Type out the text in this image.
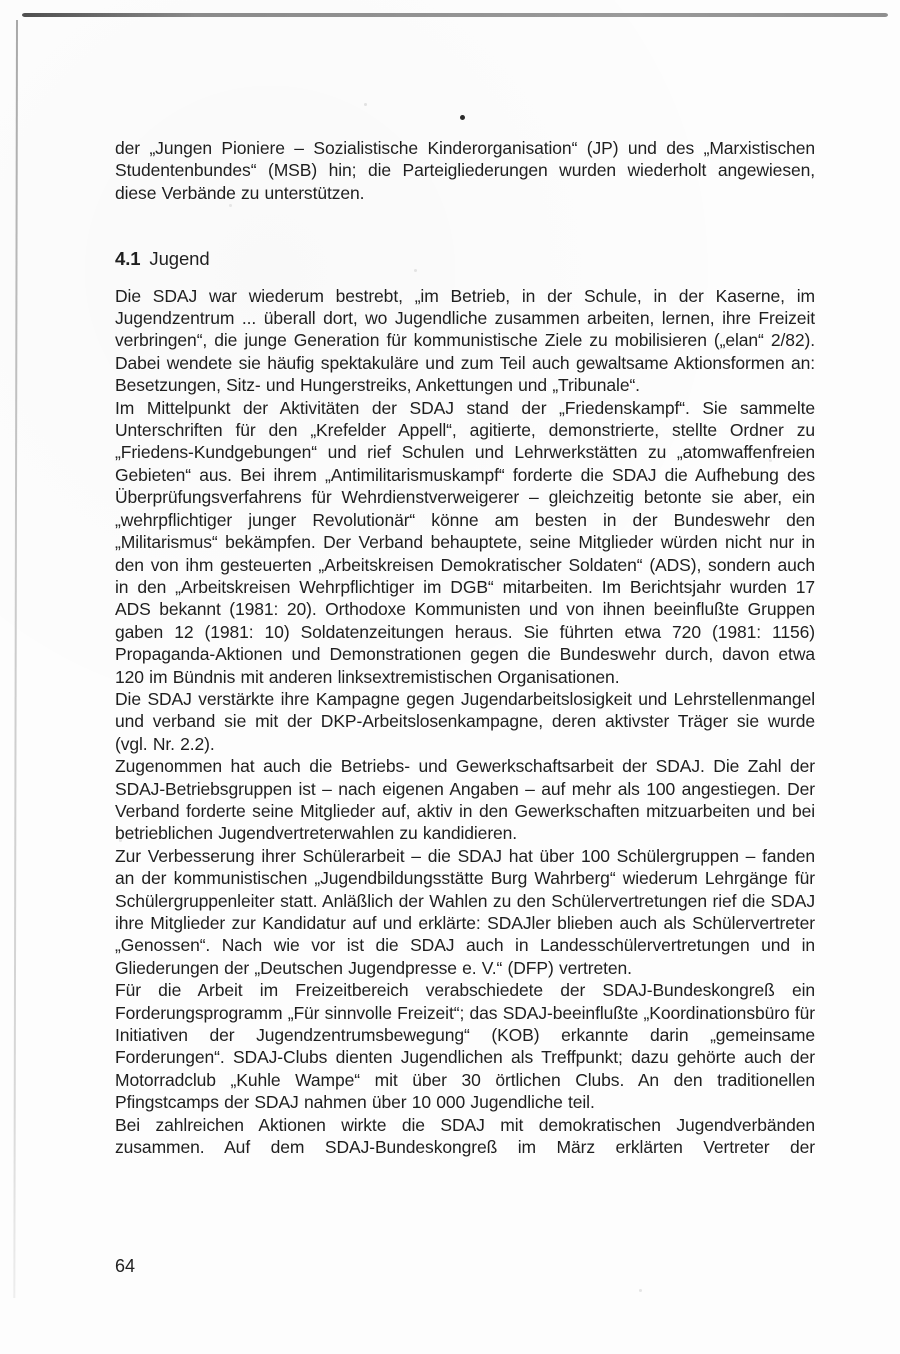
der „Jungen Pioniere – Sozialistische Kinderorganisation“ (JP) und des „Marxistischen Studentenbundes“ (MSB) hin; die Parteigliederungen wurden wiederholt angewiesen, diese Verbände zu unterstützen.

4.1 Jugend

Die SDAJ war wiederum bestrebt, „im Betrieb, in der Schule, in der Kaserne, im Jugendzentrum ... überall dort, wo Jugendliche zusammen arbeiten, lernen, ihre Freizeit verbringen“, die junge Generation für kommunistische Ziele zu mobilisieren („elan“ 2/82). Dabei wendete sie häufig spektakuläre und zum Teil auch gewaltsame Aktionsformen an: Besetzungen, Sitz- und Hungerstreiks, Ankettungen und „Tribunale“.

Im Mittelpunkt der Aktivitäten der SDAJ stand der „Friedenskampf“. Sie sammelte Unterschriften für den „Krefelder Appell“, agitierte, demonstrierte, stellte Ordner zu „Friedens-Kundgebungen“ und rief Schulen und Lehrwerkstätten zu „atomwaffenfreien Gebieten“ aus. Bei ihrem „Antimilitarismuskampf“ forderte die SDAJ die Aufhebung des Überprüfungsverfahrens für Wehrdienstverweigerer – gleichzeitig betonte sie aber, ein „wehrpflichtiger junger Revolutionär“ könne am besten in der Bundeswehr den „Militarismus“ bekämpfen. Der Verband behauptete, seine Mitglieder würden nicht nur in den von ihm gesteuerten „Arbeitskreisen Demokratischer Soldaten“ (ADS), sondern auch in den „Arbeitskreisen Wehrpflichtiger im DGB“ mitarbeiten. Im Berichtsjahr wurden 17 ADS bekannt (1981: 20). Orthodoxe Kommunisten und von ihnen beeinflußte Gruppen gaben 12 (1981: 10) Soldatenzeitungen heraus. Sie führten etwa 720 (1981: 1156) Propaganda-Aktionen und Demonstrationen gegen die Bundeswehr durch, davon etwa 120 im Bündnis mit anderen linksextremistischen Organisationen.

Die SDAJ verstärkte ihre Kampagne gegen Jugendarbeitslosigkeit und Lehrstellenmangel und verband sie mit der DKP-Arbeitslosenkampagne, deren aktivster Träger sie wurde (vgl. Nr. 2.2).

Zugenommen hat auch die Betriebs- und Gewerkschaftsarbeit der SDAJ. Die Zahl der SDAJ-Betriebsgruppen ist – nach eigenen Angaben – auf mehr als 100 angestiegen. Der Verband forderte seine Mitglieder auf, aktiv in den Gewerkschaften mitzuarbeiten und bei betrieblichen Jugendvertreterwahlen zu kandidieren.

Zur Verbesserung ihrer Schülerarbeit – die SDAJ hat über 100 Schülergruppen – fanden an der kommunistischen „Jugendbildungsstätte Burg Wahrberg“ wiederum Lehrgänge für Schülergruppenleiter statt. Anläßlich der Wahlen zu den Schülervertretungen rief die SDAJ ihre Mitglieder zur Kandidatur auf und erklärte: SDAJler blieben auch als Schülervertreter „Genossen“. Nach wie vor ist die SDAJ auch in Landesschülervertretungen und in Gliederungen der „Deutschen Jugendpresse e. V.“ (DFP) vertreten.

Für die Arbeit im Freizeitbereich verabschiedete der SDAJ-Bundeskongreß ein Forderungsprogramm „Für sinnvolle Freizeit“; das SDAJ-beeinflußte „Koordinationsbüro für Initiativen der Jugendzentrumsbewegung“ (KOB) erkannte darin „gemeinsame Forderungen“. SDAJ-Clubs dienten Jugendlichen als Treffpunkt; dazu gehörte auch der Motorradclub „Kuhle Wampe“ mit über 30 örtlichen Clubs. An den traditionellen Pfingstcamps der SDAJ nahmen über 10 000 Jugendliche teil.

Bei zahlreichen Aktionen wirkte die SDAJ mit demokratischen Jugendverbänden zusammen. Auf dem SDAJ-Bundeskongreß im März erklärten Vertreter der

64
